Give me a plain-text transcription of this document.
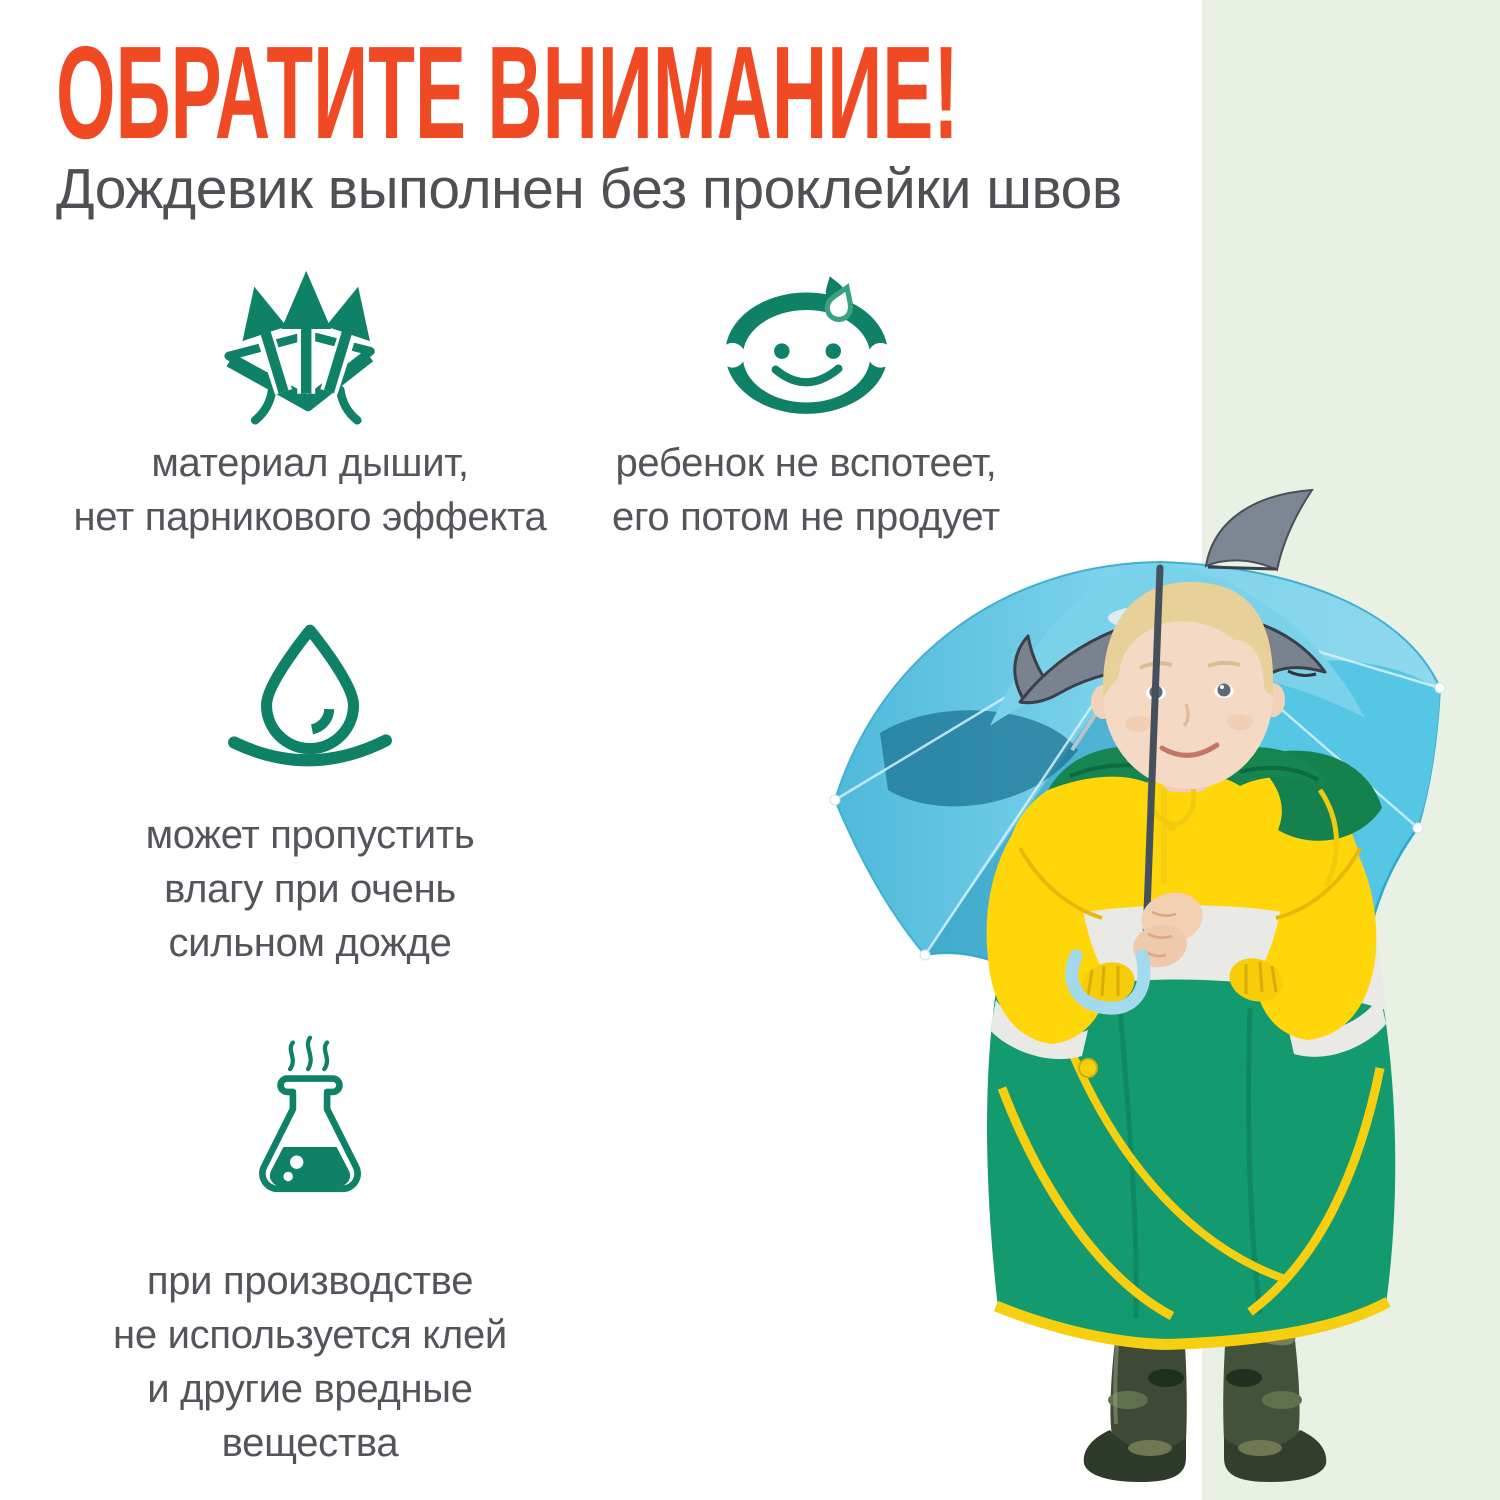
ОБРАТИТЕ ВНИМАНИЕ!

Дождевик выполнен без проклейки швов

материал дышит,
нет парникового эффекта

ребенок не вспотеет,
его потом не продует

может пропустить
влагу при очень
сильном дожде

при производстве
не используется клей
и другие вредные
вещества
